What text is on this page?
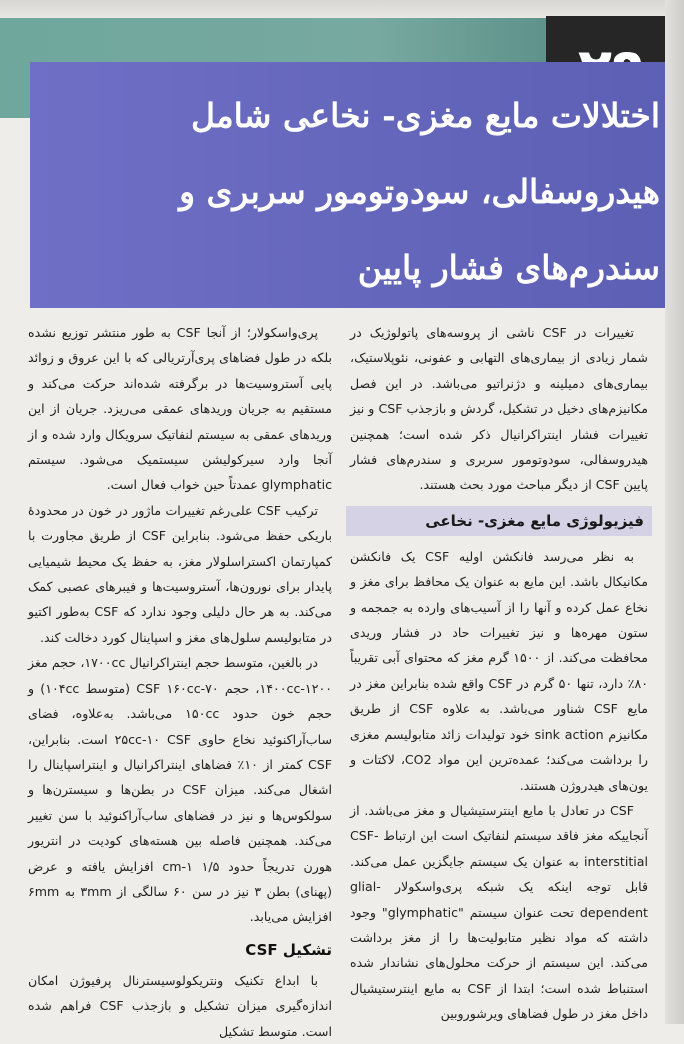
اختلالات مایع مغزی- نخاعی شامل هیدروسفالی، سودوتومور سربری و سندرم‌های فشار پایین

تغییرات در CSF ناشی از پروسه‌های پاتولوژیک در شمار زیادی از بیماری‌های التهابی و عفونی، نئوپلاستیک، بیماری‌های دمیلینه و دژنراتیو می‌باشد. در این فصل مکانیزم‌های دخیل در تشکیل، گردش و بازجذب CSF و نیز تغییرات فشار اینتراکرانیال ذکر شده است؛ همچنین هیدروسفالی، سودوتومور سربری و سندرم‌های فشار پایین CSF از دیگر مباحث مورد بحث هستند.

فیزیولوژی مایع مغزی- نخاعی

به نظر می‌رسد فانکشن اولیه CSF یک فانکشن مکانیکال باشد. این مایع به عنوان یک محافظ برای مغز و نخاع عمل کرده و آنها را از آسیب‌های وارده به جمجمه و ستون مهره‌ها و نیز تغییرات حاد در فشار وریدی محافظت می‌کند. از ۱۵۰۰ گرم مغز که محتوای آبی تقریباً ۸۰٪ دارد، تنها ۵۰ گرم در CSF واقع شده بنابراین مغز در مایع CSF شناور می‌باشد. به علاوه CSF از طریق مکانیزم sink action خود تولیدات زائد متابولیسم مغزی را برداشت می‌کند؛ عمده‌ترین این مواد CO2، لاکتات و یون‌های هیدروژن هستند.

CSF در تعادل با مایع اینترستیشیال و مغز می‌باشد. از آنجاییکه مغز فاقد سیستم لنفاتیک است این ارتباط CSF-interstitial به عنوان یک سیستم جایگزین عمل می‌کند. قابل توجه اینکه یک شبکه پری‌واسکولار glial-dependent تحت عنوان سیستم "glymphatic" وجود داشته که مواد نظیر متابولیت‌ها را از مغز برداشت می‌کند. این سیستم از حرکت محلول‌های نشاندار شده استنباط شده است؛ ابتدا از CSF به مایع اینترستیشیال داخل مغز در طول فضاهای ویرشوروبین

پری‌واسکولار؛ از آنجا CSF به طور منتشر توزیع نشده بلکه در طول فضاهای پری‌آرتریالی که با این عروق و زوائد پایی آستروسیت‌ها در برگرفته شده‌اند حرکت می‌کند و مستقیم به جریان وریدهای عمقی می‌ریزد. جریان از این وریدهای عمقی به سیستم لنفاتیک سرویکال وارد شده و از آنجا وارد سیرکولیشن سیستمیک می‌شود. سیستم glymphatic عمدتاً حین خواب فعال است.

ترکیب CSF علی‌رغم تغییرات ماژور در خون در محدودهٔ باریکی حفظ می‌شود. بنابراین CSF از طریق مجاورت با کمپارتمان اکسترا‌سلولار مغز، به حفظ یک محیط شیمیایی پایدار برای نورون‌ها، آستروسیت‌ها و فیبرهای عصبی کمک می‌کند. به هر حال دلیلی وجود ندارد که CSF به‌طور اکتیو در متابولیسم سلول‌های مغز و اسپاینال کورد دخالت کند.

در بالغین، متوسط حجم اینتراکرانیال ۱۷۰۰cc، حجم مغز ۱۴۰۰cc-۱۲۰۰، حجم CSF ۱۶۰cc-۷۰ (متوسط ۱۰۴cc) و حجم خون حدود ۱۵۰cc می‌باشد. به‌علاوه، فضای ساب‌آراکنوئید نخاع حاوی ۲۵cc-۱۰ CSF است. بنابراین، CSF کمتر از ۱۰٪ فضاهای اینتراکرانیال و اینتراسپاینال را اشغال می‌کند. میزان CSF در بطن‌ها و سیسترن‌ها و سولکوس‌ها و نیز در فضاهای ساب‌آراکنوئید با سن تغییر می‌کند. همچنین فاصله بین هسته‌های کودیت در انتریور هورن تدریجاً حدود ۱/۵ cm-۱ افزایش یافته و عرض (پهنای) بطن ۳ نیز در سن ۶۰ سالگی از ۳mm به ۶mm افزایش می‌یابد.

تشکیل CSF

با ابداع تکنیک ونتریکولوسیسترنال پرفیوژن امکان اندازه‌گیری میزان تشکیل و بازجذب CSF فراهم شده است. متوسط تشکیل
